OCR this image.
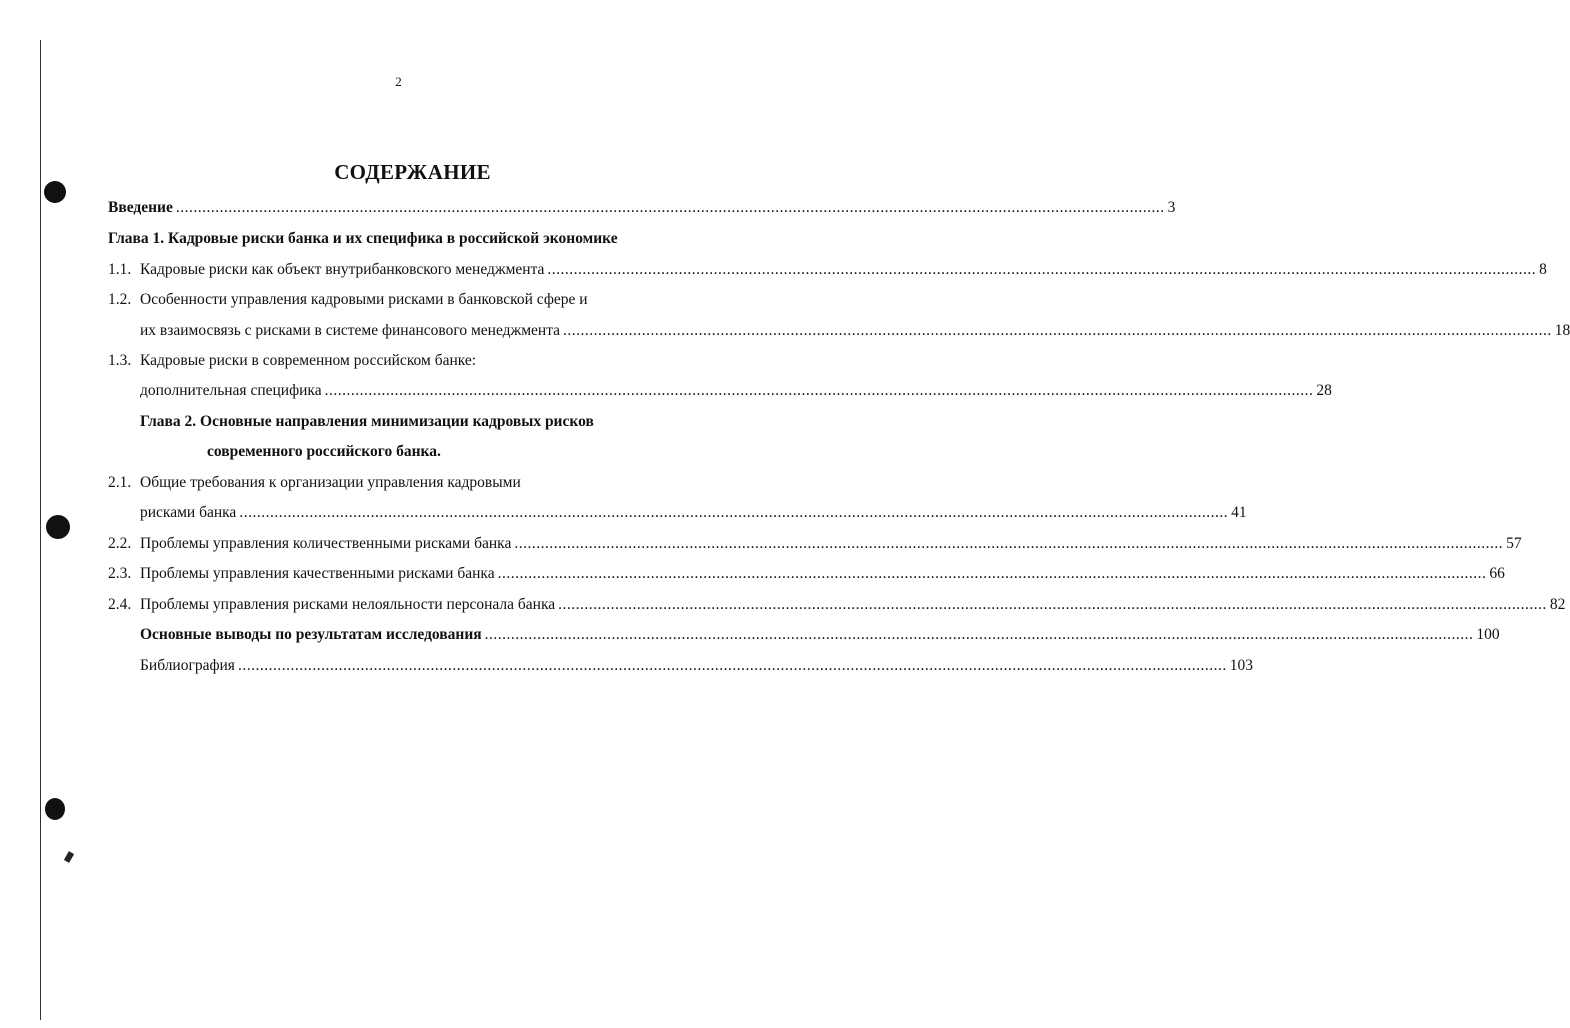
2
СОДЕРЖАНИЕ
Введение .................................................................................................................................................................................................................................. 3
Глава 1. Кадровые риски банка и их специфика в российской экономике
1.1. Кадровые риски как объект внутрибанковского менеджмента .................................................................................................................................................................................................................................. 8
1.2. Особенности управления кадровыми рисками в банковской сфере и
их взаимосвязь с рисками в системе финансового менеджмента .................................................................................................................................................................................................................................. 18
1.3. Кадровые риски в современном российском банке:
дополнительная специфика .................................................................................................................................................................................................................................. 28
Глава 2. Основные направления минимизации кадровых рисков
современного российского банка.
2.1. Общие требования к организации управления кадровыми
рисками банка .................................................................................................................................................................................................................................. 41
2.2. Проблемы управления количественными рисками банка .................................................................................................................................................................................................................................. 57
2.3. Проблемы управления качественными рисками банка .................................................................................................................................................................................................................................. 66
2.4. Проблемы управления рисками нелояльности персонала банка .................................................................................................................................................................................................................................. 82
Основные выводы по результатам исследования .................................................................................................................................................................................................................................. 100
Библиография .................................................................................................................................................................................................................................. 103
